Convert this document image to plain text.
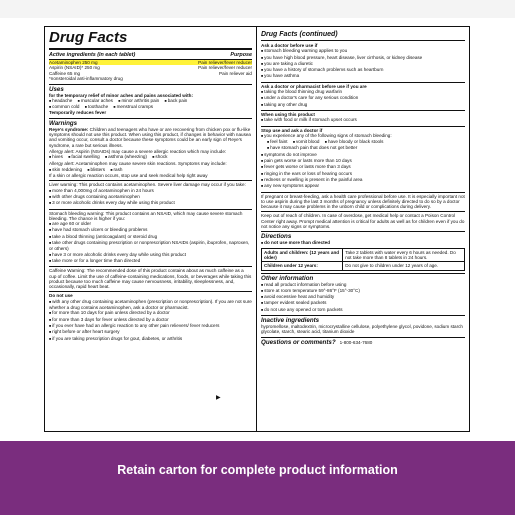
Drug Facts
Active ingredients (in each tablet)	Purpose
Acetaminophen 250 mg	Pain reliever/fever reducer
Aspirin (NSAID)* 250 mg	Pain reliever/fever reducer
Caffeine 65 mg	Pain reliever aid
*nonsteroidal anti-inflammatory drug
Uses
for the temporary relief of minor aches and pains associated with:
■ headache ■ muscular aches ■ minor arthritis pain ■ back pain
■ common cold ■ toothache ■ menstrual cramps
Temporarily reduces fever
Warnings
Reye's syndrome: Children and teenagers who have or are recovering from chicken pox or flu-like symptoms should not use this product. When using this product, if changes in behavior with nausea and vomiting occur, consult a doctor because these symptoms could be an early sign of Reye's syndrome, a rare but serious illness.
Allergy alert: Aspirin (NSAIDs) may cause a severe allergic reaction which may include:
■ hives ■ facial swelling ■ asthma (wheezing) ■ shock
Allergy alert: Acetaminophen may cause severe skin reactions. Symptoms may include:
■ skin reddening ■ blisters ■ rash
If a skin or allergic reaction occurs, stop use and seek medical help right away
Liver warning: This product contains acetaminophen. Severe liver damage may occur if you take:
■ more than 4,000mg of acetaminophen in 24 hours
■ with other drugs containing acetaminophen
■ 3 or more alcoholic drinks every day while using this product
Stomach bleeding warning: This product contains an NSAID, which may cause severe stomach bleeding. The chance is higher if you:
■ are age 60 or older
■ have had stomach ulcers or bleeding problems
■ take a blood thinning (anticoagulant) or steroid drug
■ take other drugs containing prescription or nonprescription NSAIDs (aspirin, ibuprofen, naproxen, or others)
■ have 3 or more alcoholic drinks every day while using this product
■ take more or for a longer time than directed
Caffeine Warning: The recommended dose of this product contains about as much caffeine as a cup of coffee. Limit the use of caffeine-containing medications, foods, or beverages while taking this product because too much caffeine may cause nervousness, irritability, sleeplessness, and, occasionally, rapid heart beat.
Do not use
■ with any other drug containing acetaminophen (prescription or nonprescription). If you are not sure whether a drug contains acetaminophen, ask a doctor or pharmacist.
■ for more than 10 days for pain unless directed by a doctor
■ for more than 3 days for fever unless directed by a doctor
■ if you ever have had an allergic reaction to any other pain relievers/ fever reducers
■ right before or after heart surgery
■ if you are taking prescription drugs for gout, diabetes, or arthritis
Drug Facts (continued)
Ask a doctor before use if
■ stomach bleeding warning applies to you
■ you have high blood pressure, heart disease, liver cirrhosis, or kidney disease
■ you are taking a diuretic
■ you have a history of stomach problems such as heartburn
■ you have asthma
Ask a doctor or pharmacist before use if you are
■ taking the blood thinning drug warfarin
■ under a doctor's care for any serious condition
■ taking any other drug
When using this product
■ take with food or milk if stomach upset occurs
Stop use and ask a doctor if
■ you experience any of the following signs of stomach bleeding:
■ feel faint ■ vomit blood ■ have bloody or black stools
■ have stomach pain that does not get better
■ symptoms do not improve
■ pain gets worse or lasts more than 10 days
■ fever gets worse or lasts more than 3 days
■ ringing in the ears or loss of hearing occurs
■ redness or swelling is present in the painful area
■ any new symptoms appear
If pregnant or breast-feeding, ask a health care professional before use. It is especially important not to use aspirin during the last 3 months of pregnancy unless definitely directed to do so by a doctor because it may cause problems in the unborn child or complications during delivery.
Keep out of reach of children. In case of overdose, get medical help or contact a Poison Control Center right away. Prompt medical attention is critical for adults as well as for children even if you do not notice any signs or symptoms.
Directions
■ do not use more than directed
Adults and children: (12 years and older)	Take 2 tablets with water every 6 hours as needed. Do not take more than 8 tablets in 24 hours.
Children under 12 years:	Do not give to children under 12 years of age.
Other information
■ read all product information before using
■ store at room temperature 59°-86°F (15°-30°C)
■ avoid excessive heat and humidity
■ tamper evident sealed packets
■ do not use any opened or torn packets
Inactive ingredients
hypromellose, maltodextrin, microcrystalline cellulose, polyethylene glycol, povidone, sodium starch glycolate, starch, stearic acid, titanium dioxide
Questions or comments? 1-800-634-7680
▶
Retain carton for complete product information
